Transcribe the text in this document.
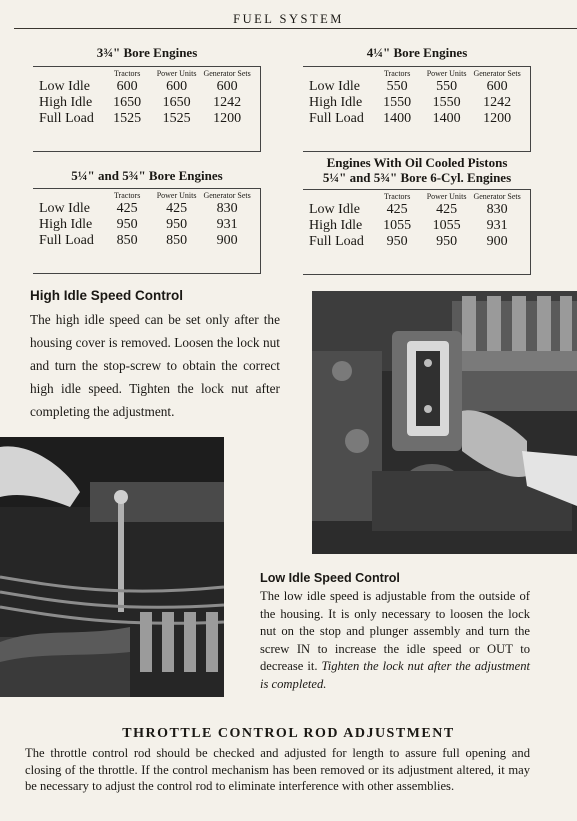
FUEL SYSTEM
3¾" Bore Engines
	Tractors	Power Units	Generator Sets
Low Idle	600	600	600
High Idle	1650	1650	1242
Full Load	1525	1525	1200
4¼" Bore Engines
	Tractors	Power Units	Generator Sets
Low Idle	550	550	600
High Idle	1550	1550	1242
Full Load	1400	1400	1200
5¼" and 5¾" Bore Engines
	Tractors	Power Units	Generator Sets
Low Idle	425	425	830
High Idle	950	950	931
Full Load	850	850	900
Engines With Oil Cooled Pistons
5¼" and 5¾" Bore 6-Cyl. Engines
	Tractors	Power Units	Generator Sets
Low Idle	425	425	830
High Idle	1055	1055	931
Full Load	950	950	900
High Idle Speed Control
The high idle speed can be set only after the housing cover is removed. Loosen the lock nut and turn the stop-screw to obtain the correct high idle speed. Tighten the lock nut after completing the adjustment.
Low Idle Speed Control
The low idle speed is adjustable from the outside of the housing. It is only necessary to loosen the lock nut on the stop and plunger assembly and turn the screw IN to increase the idle speed or OUT to decrease it. Tighten the lock nut after the adjustment is completed.
THROTTLE CONTROL ROD ADJUSTMENT
The throttle control rod should be checked and adjusted for length to assure full opening and closing of the throttle. If the control mechanism has been removed or its adjustment altered, it may be necessary to adjust the control rod to eliminate interference with other assemblies.
